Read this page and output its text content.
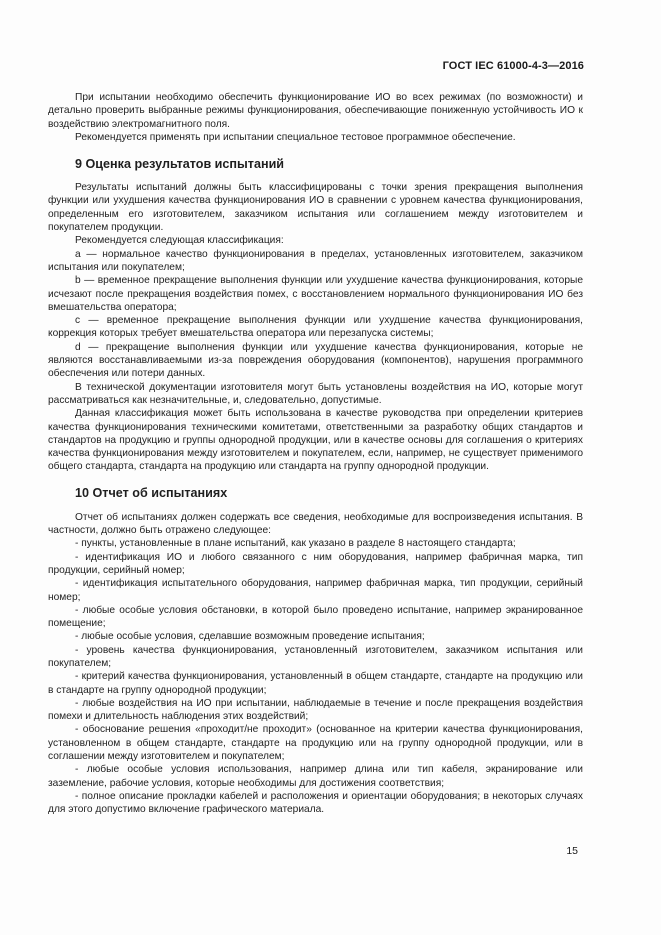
ГОСТ IEC 61000-4-3—2016

При испытании необходимо обеспечить функционирование ИО во всех режимах (по возможности) и детально проверить выбранные режимы функционирования, обеспечивающие пониженную устойчивость ИО к воздействию электромагнитного поля.

Рекомендуется применять при испытании специальное тестовое программное обеспечение.

9 Оценка результатов испытаний

Результаты испытаний должны быть классифицированы с точки зрения прекращения выполнения функции или ухудшения качества функционирования ИО в сравнении с уровнем качества функционирования, определенным его изготовителем, заказчиком испытания или соглашением между изготовителем и покупателем продукции.

Рекомендуется следующая классификация:

a — нормальное качество функционирования в пределах, установленных изготовителем, заказчиком испытания или покупателем;

b — временное прекращение выполнения функции или ухудшение качества функционирования, которые исчезают после прекращения воздействия помех, с восстановлением нормального функционирования ИО без вмешательства оператора;

c — временное прекращение выполнения функции или ухудшение качества функционирования, коррекция которых требует вмешательства оператора или перезапуска системы;

d — прекращение выполнения функции или ухудшение качества функционирования, которые не являются восстанавливаемыми из-за повреждения оборудования (компонентов), нарушения программного обеспечения или потери данных.

В технической документации изготовителя могут быть установлены воздействия на ИО, которые могут рассматриваться как незначительные, и, следовательно, допустимые.

Данная классификация может быть использована в качестве руководства при определении критериев качества функционирования техническими комитетами, ответственными за разработку общих стандартов и стандартов на продукцию и группы однородной продукции, или в качестве основы для соглашения о критериях качества функционирования между изготовителем и покупателем, если, например, не существует применимого общего стандарта, стандарта на продукцию или стандарта на группу однородной продукции.

10 Отчет об испытаниях

Отчет об испытаниях должен содержать все сведения, необходимые для воспроизведения испытания. В частности, должно быть отражено следующее:

- пункты, установленные в плане испытаний, как указано в разделе 8 настоящего стандарта;

- идентификация ИО и любого связанного с ним оборудования, например фабричная марка, тип продукции, серийный номер;

- идентификация испытательного оборудования, например фабричная марка, тип продукции, серийный номер;

- любые особые условия обстановки, в которой было проведено испытание, например экранированное помещение;

- любые особые условия, сделавшие возможным проведение испытания;

- уровень качества функционирования, установленный изготовителем, заказчиком испытания или покупателем;

- критерий качества функционирования, установленный в общем стандарте, стандарте на продукцию или в стандарте на группу однородной продукции;

- любые воздействия на ИО при испытании, наблюдаемые в течение и после прекращения воздействия помехи и длительность наблюдения этих воздействий;

- обоснование решения «проходит/не проходит» (основанное на критерии качества функционирования, установленном в общем стандарте, стандарте на продукцию или на группу однородной продукции, или в соглашении между изготовителем и покупателем;

- любые особые условия использования, например длина или тип кабеля, экранирование или заземление, рабочие условия, которые необходимы для достижения соответствия;

- полное описание прокладки кабелей и расположения и ориентации оборудования; в некоторых случаях для этого допустимо включение графического материала.

15
